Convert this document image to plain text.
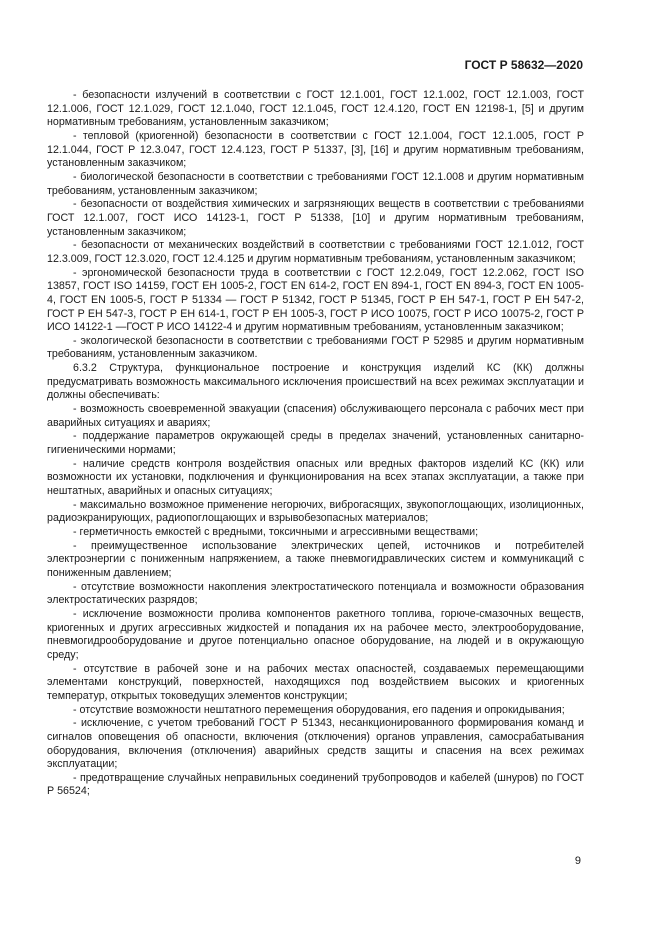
ГОСТ Р 58632—2020

- безопасности излучений в соответствии с ГОСТ 12.1.001, ГОСТ 12.1.002, ГОСТ 12.1.003, ГОСТ 12.1.006, ГОСТ 12.1.029, ГОСТ 12.1.040, ГОСТ 12.1.045, ГОСТ 12.4.120, ГОСТ EN 12198-1, [5] и другим нормативным требованиям, установленным заказчиком;

- тепловой (криогенной) безопасности в соответствии с ГОСТ 12.1.004, ГОСТ 12.1.005, ГОСТ Р 12.1.044, ГОСТ Р 12.3.047, ГОСТ 12.4.123, ГОСТ Р 51337, [3], [16] и другим нормативным требованиям, установленным заказчиком;

- биологической безопасности в соответствии с требованиями ГОСТ 12.1.008 и другим нормативным требованиям, установленным заказчиком;

- безопасности от воздействия химических и загрязняющих веществ в соответствии с требованиями ГОСТ 12.1.007, ГОСТ ИСО 14123-1, ГОСТ Р 51338, [10] и другим нормативным требованиям, установленным заказчиком;

- безопасности от механических воздействий в соответствии с требованиями ГОСТ 12.1.012, ГОСТ 12.3.009, ГОСТ 12.3.020, ГОСТ 12.4.125 и другим нормативным требованиям, установленным заказчиком;

- эргономической безопасности труда в соответствии с ГОСТ 12.2.049, ГОСТ 12.2.062, ГОСТ ISO 13857, ГОСТ ISO 14159, ГОСТ EH 1005-2, ГОСТ EN 614-2, ГОСТ EN 894-1, ГОСТ EN 894-3, ГОСТ EN 1005-4, ГОСТ EN 1005-5, ГОСТ Р 51334 — ГОСТ Р 51342, ГОСТ Р 51345, ГОСТ Р ЕН 547-1, ГОСТ Р ЕН 547-2, ГОСТ Р ЕН 547-3, ГОСТ Р ЕН 614-1, ГОСТ Р ЕН 1005-3, ГОСТ Р ИСО 10075, ГОСТ Р ИСО 10075-2, ГОСТ Р ИСО 14122-1 —ГОСТ Р ИСО 14122-4 и другим нормативным требованиям, установленным заказчиком;

- экологической безопасности в соответствии с требованиями ГОСТ Р 52985 и другим нормативным требованиям, установленным заказчиком.

6.3.2 Структура, функциональное построение и конструкция изделий КС (КК) должны предусматривать возможность максимального исключения происшествий на всех режимах эксплуатации и должны обеспечивать:

- возможность своевременной эвакуации (спасения) обслуживающего персонала с рабочих мест при аварийных ситуациях и авариях;

- поддержание параметров окружающей среды в пределах значений, установленных санитарно-гигиеническими нормами;

- наличие средств контроля воздействия опасных или вредных факторов изделий КС (КК) или возможности их установки, подключения и функционирования на всех этапах эксплуатации, а также при нештатных, аварийных и опасных ситуациях;

- максимально возможное применение негорючих, виброгасящих, звукопоглощающих, изолиционных, радиоэкранирующих, радиопоглощающих и взрывобезопасных материалов;

- герметичность емкостей с вредными, токсичными и агрессивными веществами;

- преимущественное использование электрических цепей, источников и потребителей электроэнергии с пониженным напряжением, а также пневмогидравлических систем и коммуникаций с пониженным давлением;

- отсутствие возможности накопления электростатического потенциала и возможности образования электростатических разрядов;

- исключение возможности пролива компонентов ракетного топлива, горюче-смазочных веществ, криогенных и других агрессивных жидкостей и попадания их на рабочее место, электрооборудование, пневмогидрооборудование и другое потенциально опасное оборудование, на людей и в окружающую среду;

- отсутствие в рабочей зоне и на рабочих местах опасностей, создаваемых перемещающими элементами конструкций, поверхностей, находящихся под воздействием высоких и криогенных температур, открытых токоведущих элементов конструкции;

- отсутствие возможности нештатного перемещения оборудования, его падения и опрокидывания;

- исключение, с учетом требований ГОСТ Р 51343, несанкционированного формирования команд и сигналов оповещения об опасности, включения (отключения) органов управления, самосрабатывания оборудования, включения (отключения) аварийных средств защиты и спасения на всех режимах эксплуатации;

- предотвращение случайных неправильных соединений трубопроводов и кабелей (шнуров) по ГОСТ Р 56524;

9
